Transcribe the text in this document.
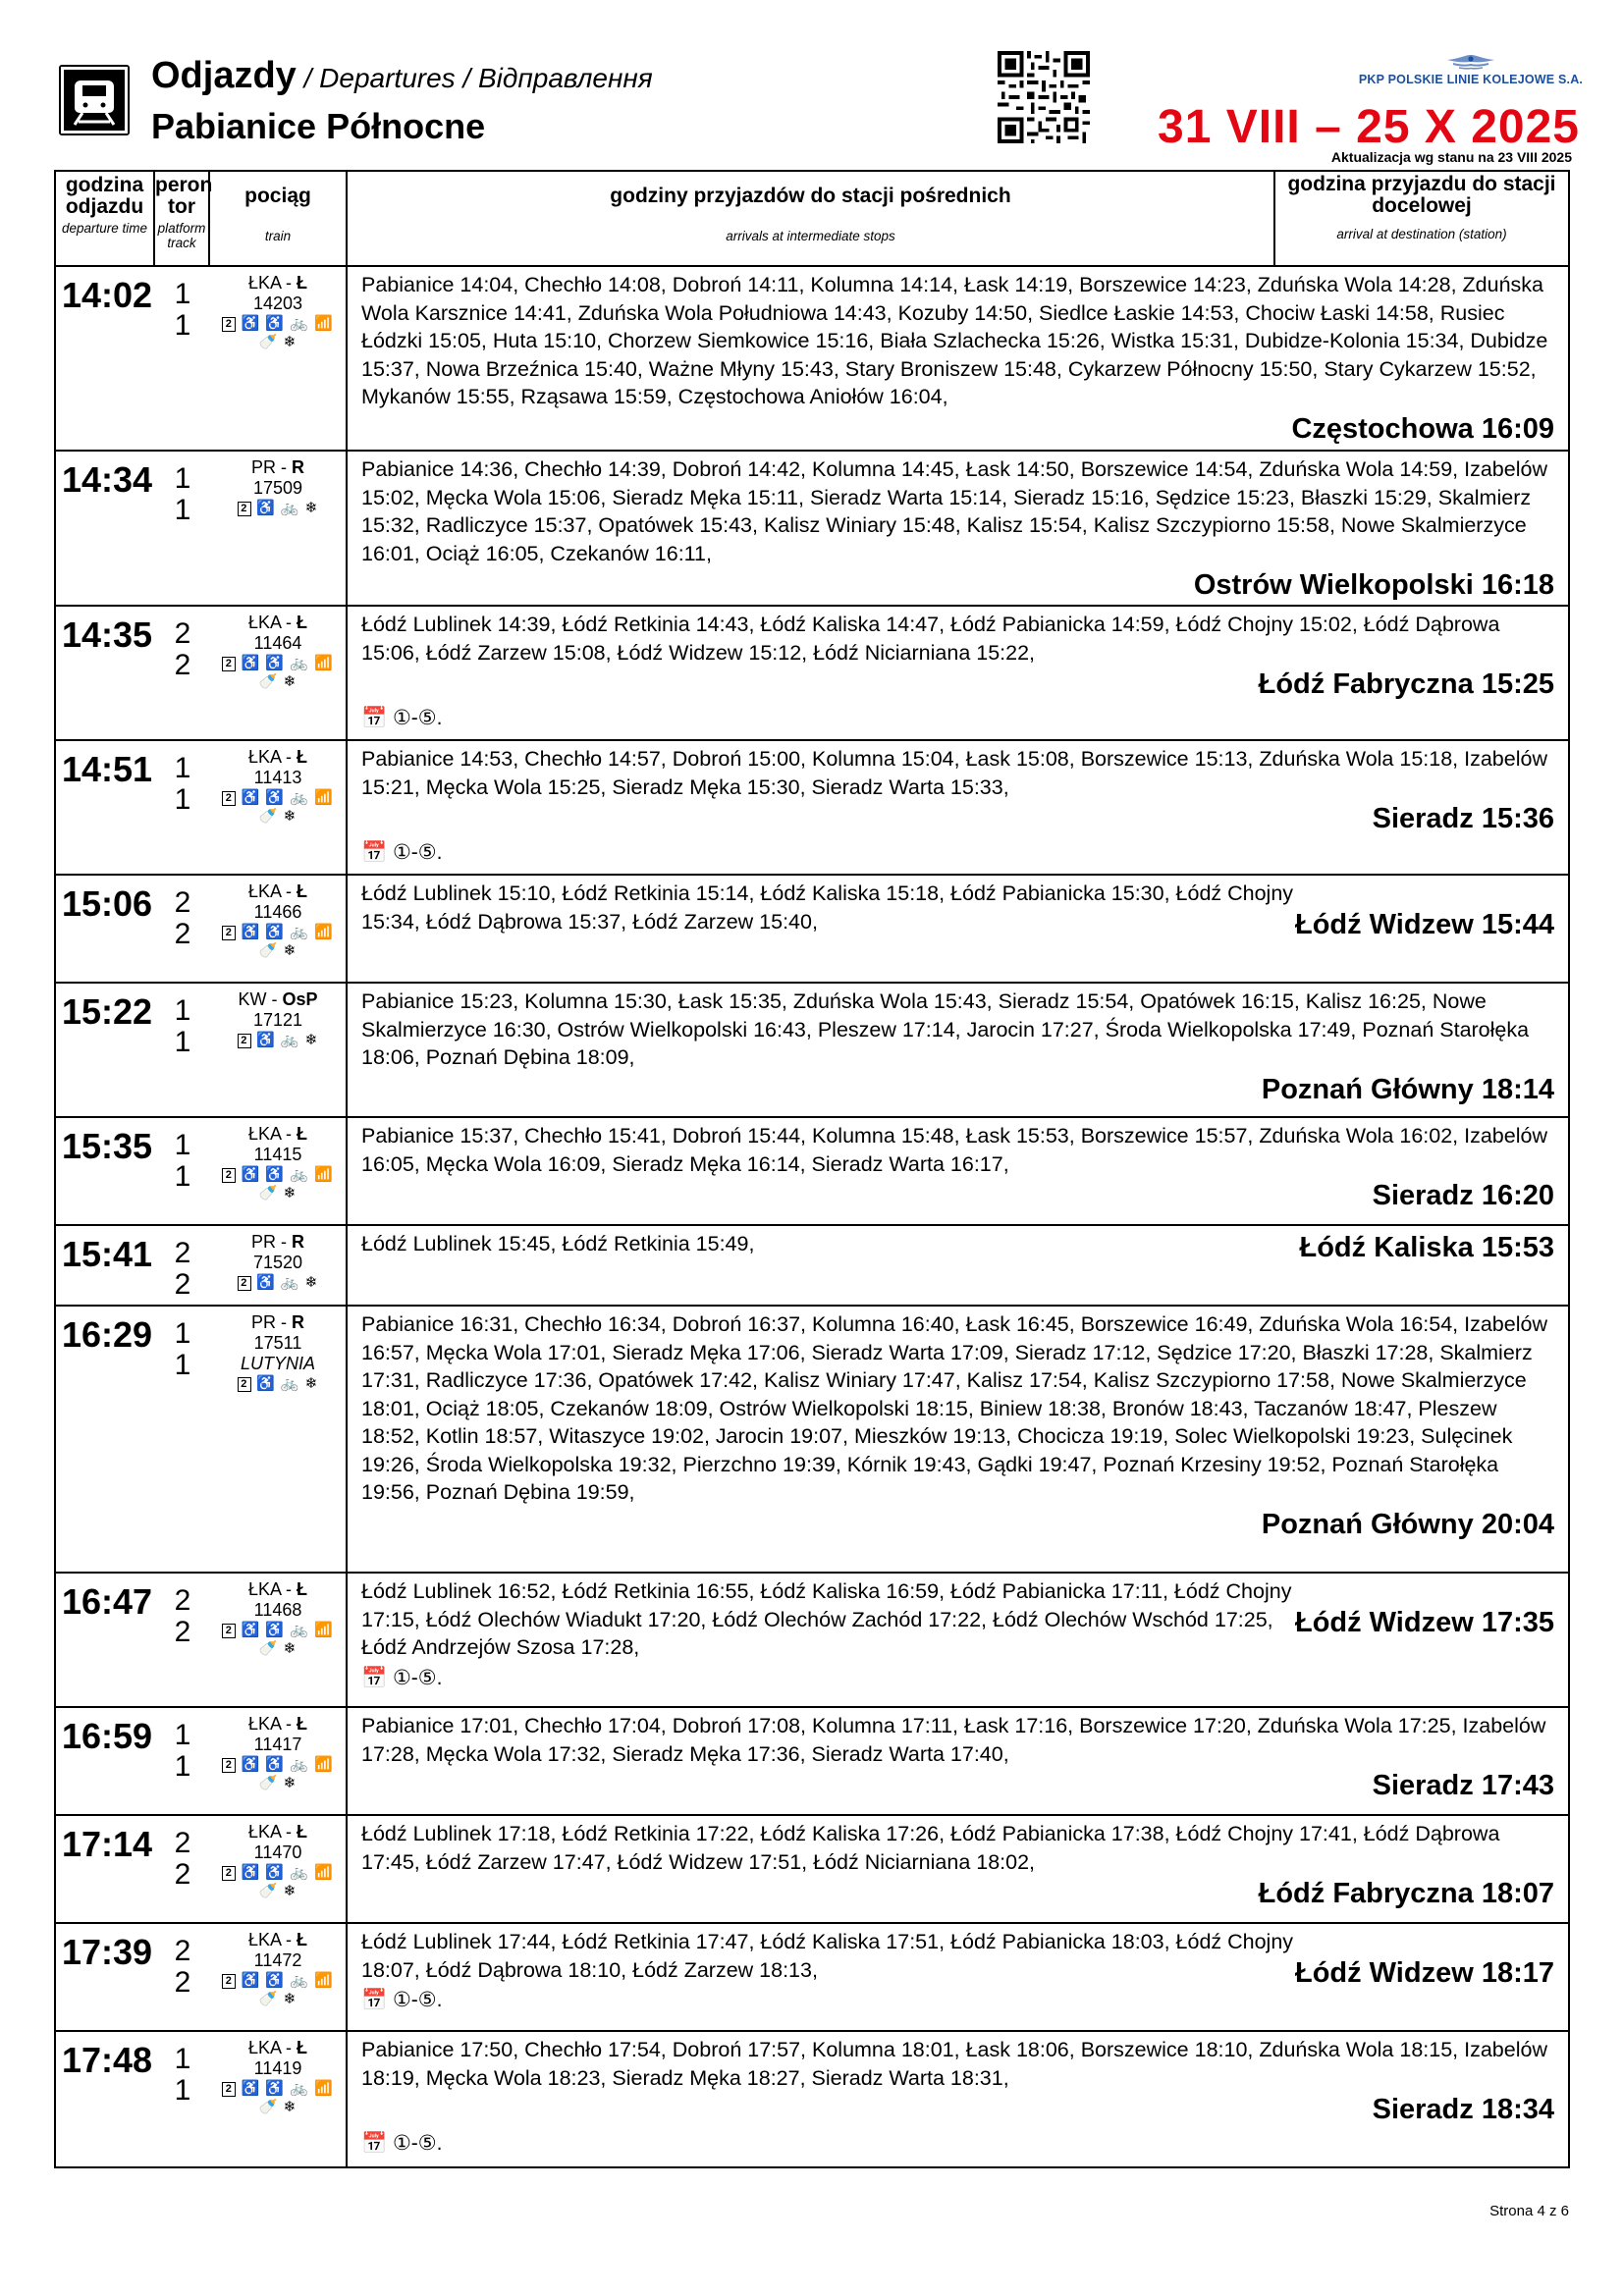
Odjazdy / Departures / Відправлення
Pabianice Północne
PKP POLSKIE LINIE KOLEJOWE S.A.
31 VIII – 25 X 2025
Aktualizacja wg stanu na 23 VIII 2025
godzina odjazdu
departure time
peron tor
platform track
pociąg
train
godziny przyjazdów do stacji pośrednich
arrivals at intermediate stops
godzina przyjazdu do stacji docelowej
arrival at destination (station)
14:02 1
1
ŁKA - Ł
14203
2 ♿ ♿ 🚲 📶
🍼 ❄
Pabianice 14:04, Chechło 14:08, Dobroń 14:11, Kolumna 14:14, Łask 14:19, Borszewice 14:23, Zduńska Wola 14:28, Zduńska Wola Karsznice 14:41, Zduńska Wola Południowa 14:43, Kozuby 14:50, Siedlce Łaskie 14:53, Chociw Łaski 14:58, Rusiec Łódzki 15:05, Huta 15:10, Chorzew Siemkowice 15:16, Biała Szlachecka 15:26, Wistka 15:31, Dubidze-Kolonia 15:34, Dubidze 15:37, Nowa Brzeźnica 15:40, Ważne Młyny 15:43, Stary Broniszew 15:48, Cykarzew Północny 15:50, Stary Cykarzew 15:52, Mykanów 15:55, Rząsawa 15:59, Częstochowa Aniołów 16:04,
Częstochowa 16:09
14:34 1
1
PR - R
17509
2 ♿ 🚲 ❄
Pabianice 14:36, Chechło 14:39, Dobroń 14:42, Kolumna 14:45, Łask 14:50, Borszewice 14:54, Zduńska Wola 14:59, Izabelów 15:02, Męcka Wola 15:06, Sieradz Męka 15:11, Sieradz Warta 15:14, Sieradz 15:16, Sędzice 15:23, Błaszki 15:29, Skalmierz 15:32, Radliczyce 15:37, Opatówek 15:43, Kalisz Winiary 15:48, Kalisz 15:54, Kalisz Szczypiorno 15:58, Nowe Skalmierzyce 16:01, Ociąż 16:05, Czekanów 16:11,
Ostrów Wielkopolski 16:18
14:35 2
2
ŁKA - Ł
11464
2 ♿ ♿ 🚲 📶
🍼 ❄
Łódź Lublinek 14:39, Łódź Retkinia 14:43, Łódź Kaliska 14:47, Łódź Pabianicka 14:59, Łódź Chojny 15:02, Łódź Dąbrowa 15:06, Łódź Zarzew 15:08, Łódź Widzew 15:12, Łódź Niciarniana 15:22,
Łódź Fabryczna 15:25
📅 ①-⑤.
14:51 1
1
ŁKA - Ł
11413
2 ♿ ♿ 🚲 📶
🍼 ❄
Pabianice 14:53, Chechło 14:57, Dobroń 15:00, Kolumna 15:04, Łask 15:08, Borszewice 15:13, Zduńska Wola 15:18, Izabelów 15:21, Męcka Wola 15:25, Sieradz Męka 15:30, Sieradz Warta 15:33,
Sieradz 15:36
📅 ①-⑤.
15:06 2
2
ŁKA - Ł
11466
2 ♿ ♿ 🚲 📶
🍼 ❄
Łódź Widzew 15:44
Łódź Lublinek 15:10, Łódź Retkinia 15:14, Łódź Kaliska 15:18, Łódź Pabianicka 15:30, Łódź Chojny 15:34, Łódź Dąbrowa 15:37, Łódź Zarzew 15:40,
15:22 1
1
KW - OsP
17121
2 ♿ 🚲 ❄
Pabianice 15:23, Kolumna 15:30, Łask 15:35, Zduńska Wola 15:43, Sieradz 15:54, Opatówek 16:15, Kalisz 16:25, Nowe Skalmierzyce 16:30, Ostrów Wielkopolski 16:43, Pleszew 17:14, Jarocin 17:27, Środa Wielkopolska 17:49, Poznań Starołęka 18:06, Poznań Dębina 18:09,
Poznań Główny 18:14
15:35 1
1
ŁKA - Ł
11415
2 ♿ ♿ 🚲 📶
🍼 ❄
Pabianice 15:37, Chechło 15:41, Dobroń 15:44, Kolumna 15:48, Łask 15:53, Borszewice 15:57, Zduńska Wola 16:02, Izabelów 16:05, Męcka Wola 16:09, Sieradz Męka 16:14, Sieradz Warta 16:17,
Sieradz 16:20
15:41 2
2
PR - R
71520
2 ♿ 🚲 ❄
Łódź Kaliska 15:53
Łódź Lublinek 15:45, Łódź Retkinia 15:49,
16:29 1
1
PR - R
17511
LUTYNIA
2 ♿ 🚲 ❄
Pabianice 16:31, Chechło 16:34, Dobroń 16:37, Kolumna 16:40, Łask 16:45, Borszewice 16:49, Zduńska Wola 16:54, Izabelów 16:57, Męcka Wola 17:01, Sieradz Męka 17:06, Sieradz Warta 17:09, Sieradz 17:12, Sędzice 17:20, Błaszki 17:28, Skalmierz 17:31, Radliczyce 17:36, Opatówek 17:42, Kalisz Winiary 17:47, Kalisz 17:54, Kalisz Szczypiorno 17:58, Nowe Skalmierzyce 18:01, Ociąż 18:05, Czekanów 18:09, Ostrów Wielkopolski 18:15, Biniew 18:38, Bronów 18:43, Taczanów 18:47, Pleszew 18:52, Kotlin 18:57, Witaszyce 19:02, Jarocin 19:07, Mieszków 19:13, Chocicza 19:19, Solec Wielkopolski 19:23, Sulęcinek 19:26, Środa Wielkopolska 19:32, Pierzchno 19:39, Kórnik 19:43, Gądki 19:47, Poznań Krzesiny 19:52, Poznań Starołęka 19:56, Poznań Dębina 19:59,
Poznań Główny 20:04
16:47 2
2
ŁKA - Ł
11468
2 ♿ ♿ 🚲 📶
🍼 ❄
Łódź Widzew 17:35
Łódź Lublinek 16:52, Łódź Retkinia 16:55, Łódź Kaliska 16:59, Łódź Pabianicka 17:11, Łódź Chojny 17:15, Łódź Olechów Wiadukt 17:20, Łódź Olechów Zachód 17:22, Łódź Olechów Wschód 17:25, Łódź Andrzejów Szosa 17:28,
📅 ①-⑤.
16:59 1
1
ŁKA - Ł
11417
2 ♿ ♿ 🚲 📶
🍼 ❄
Pabianice 17:01, Chechło 17:04, Dobroń 17:08, Kolumna 17:11, Łask 17:16, Borszewice 17:20, Zduńska Wola 17:25, Izabelów 17:28, Męcka Wola 17:32, Sieradz Męka 17:36, Sieradz Warta 17:40,
Sieradz 17:43
17:14 2
2
ŁKA - Ł
11470
2 ♿ ♿ 🚲 📶
🍼 ❄
Łódź Lublinek 17:18, Łódź Retkinia 17:22, Łódź Kaliska 17:26, Łódź Pabianicka 17:38, Łódź Chojny 17:41, Łódź Dąbrowa 17:45, Łódź Zarzew 17:47, Łódź Widzew 17:51, Łódź Niciarniana 18:02,
Łódź Fabryczna 18:07
17:39 2
2
ŁKA - Ł
11472
2 ♿ ♿ 🚲 📶
🍼 ❄
Łódź Widzew 18:17
Łódź Lublinek 17:44, Łódź Retkinia 17:47, Łódź Kaliska 17:51, Łódź Pabianicka 18:03, Łódź Chojny 18:07, Łódź Dąbrowa 18:10, Łódź Zarzew 18:13,
📅 ①-⑤.
17:48 1
1
ŁKA - Ł
11419
2 ♿ ♿ 🚲 📶
🍼 ❄
Pabianice 17:50, Chechło 17:54, Dobroń 17:57, Kolumna 18:01, Łask 18:06, Borszewice 18:10, Zduńska Wola 18:15, Izabelów 18:19, Męcka Wola 18:23, Sieradz Męka 18:27, Sieradz Warta 18:31,
Sieradz 18:34
📅 ①-⑤.
Strona 4 z 6
